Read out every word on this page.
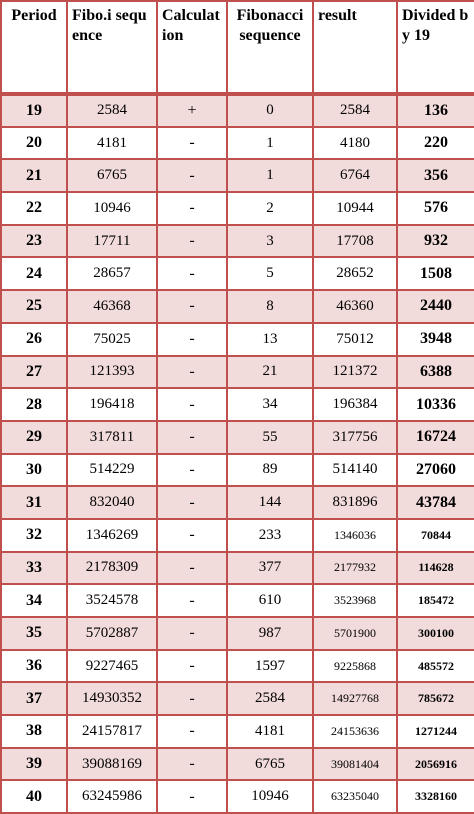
Period	Fibo.i sequence	Calculation	Fibonacci sequence	result	Divided by 19
19	2584	+	0	2584	136
20	4181	-	1	4180	220
21	6765	-	1	6764	356
22	10946	-	2	10944	576
23	17711	-	3	17708	932
24	28657	-	5	28652	1508
25	46368	-	8	46360	2440
26	75025	-	13	75012	3948
27	121393	-	21	121372	6388
28	196418	-	34	196384	10336
29	317811	-	55	317756	16724
30	514229	-	89	514140	27060
31	832040	-	144	831896	43784
32	1346269	-	233	1346036	70844
33	2178309	-	377	2177932	114628
34	3524578	-	610	3523968	185472
35	5702887	-	987	5701900	300100
36	9227465	-	1597	9225868	485572
37	14930352	-	2584	14927768	785672
38	24157817	-	4181	24153636	1271244
39	39088169	-	6765	39081404	2056916
40	63245986	-	10946	63235040	3328160
